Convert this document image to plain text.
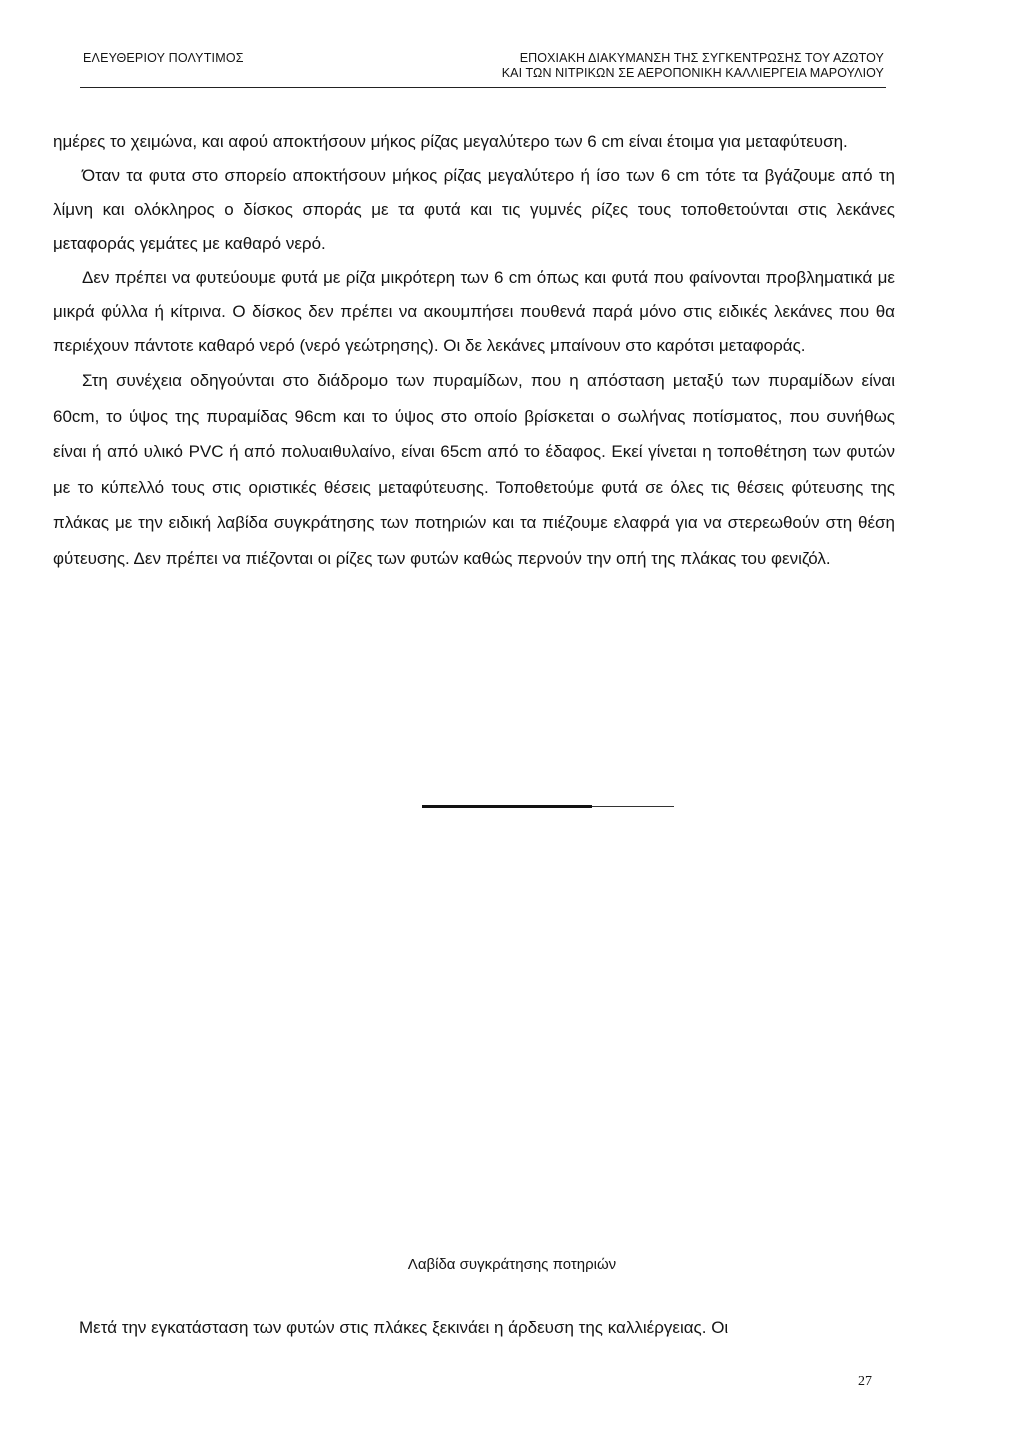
ΕΛΕΥΘΕΡΙΟΥ ΠΟΛΥΤΙΜΟΣ	ΕΠΟΧΙΑΚΗ ΔΙΑΚΥΜΑΝΣΗ ΤΗΣ ΣΥΓΚΕΝΤΡΩΣΗΣ ΤΟΥ ΑΖΩΤΟΥ
ΚΑΙ ΤΩΝ ΝΙΤΡΙΚΩΝ ΣΕ ΑΕΡΟΠΟΝΙΚΗ ΚΑΛΛΙΕΡΓΕΙΑ ΜΑΡΟΥΛΙΟΥ

ημέρες το χειμώνα, και αφού αποκτήσουν μήκος ρίζας μεγαλύτερο των 6 cm είναι έτοιμα για μεταφύτευση.

Όταν τα φυτα στο σπορείο αποκτήσουν μήκος ρίζας μεγαλύτερο ή ίσο των 6 cm τότε τα βγάζουμε από τη λίμνη και ολόκληρος ο δίσκος σποράς με τα φυτά και τις γυμνές ρίζες τους τοποθετούνται στις λεκάνες μεταφοράς γεμάτες με καθαρό νερό.

Δεν πρέπει να φυτεύουμε φυτά με ρίζα μικρότερη των 6 cm όπως και φυτά που φαίνονται προβληματικά με μικρά φύλλα ή κίτρινα. Ο δίσκος δεν πρέπει να ακουμπήσει πουθενά παρά μόνο στις ειδικές λεκάνες που θα περιέχουν πάντοτε καθαρό νερό (νερό γεώτρησης). Οι δε λεκάνες μπαίνουν στο καρότσι μεταφοράς.

Στη συνέχεια οδηγούνται στο διάδρομο των πυραμίδων, που η απόσταση μεταξύ των πυραμίδων είναι 60cm, το ύψος της πυραμίδας 96cm και το ύψος στο οποίο βρίσκεται ο σωλήνας ποτίσματος, που συνήθως είναι ή από υλικό PVC ή από πολυαιθυλαίνο, είναι 65cm από το έδαφος. Εκεί γίνεται η τοποθέτηση των φυτών με το κύπελλό τους στις οριστικές θέσεις μεταφύτευσης. Τοποθετούμε φυτά σε όλες τις θέσεις φύτευσης της πλάκας με την ειδική λαβίδα συγκράτησης των ποτηριών και τα πιέζουμε ελαφρά για να στερεωθούν στη θέση φύτευσης. Δεν πρέπει να πιέζονται οι ρίζες των φυτών καθώς περνούν την οπή της πλάκας του φενιζόλ.

Λαβίδα συγκράτησης ποτηριών
Μετά την εγκατάσταση των φυτών στις πλάκες ξεκινάει η άρδευση της καλλιέργειας. Οι
27
